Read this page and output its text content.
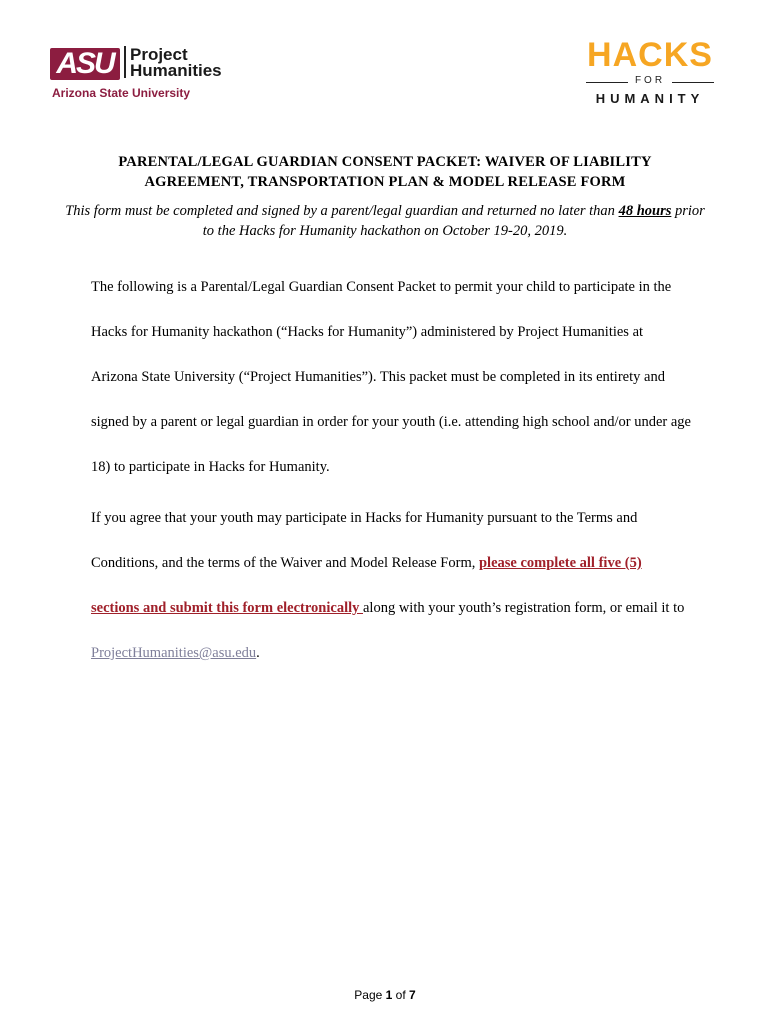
ASU Project
Humanities
Arizona State University
HACKS
FOR
HUMANITY
PARENTAL/LEGAL GUARDIAN CONSENT PACKET: WAIVER OF LIABILITY
AGREEMENT, TRANSPORTATION PLAN & MODEL RELEASE FORM
This form must be completed and signed by a parent/legal guardian and returned no later than 48 hours prior to the Hacks for Humanity hackathon on October 19-20, 2019.
The following is a Parental/Legal Guardian Consent Packet to permit your child to participate in the Hacks for Humanity hackathon (“Hacks for Humanity”) administered by Project Humanities at Arizona State University (“Project Humanities”). This packet must be completed in its entirety and signed by a parent or legal guardian in order for your youth (i.e. attending high school and/or under age 18) to participate in Hacks for Humanity.
If you agree that your youth may participate in Hacks for Humanity pursuant to the Terms and Conditions, and the terms of the Waiver and Model Release Form, please complete all five (5) sections and submit this form electronically along with your youth’s registration form, or email it to ProjectHumanities@asu.edu.
Page 1 of 7
